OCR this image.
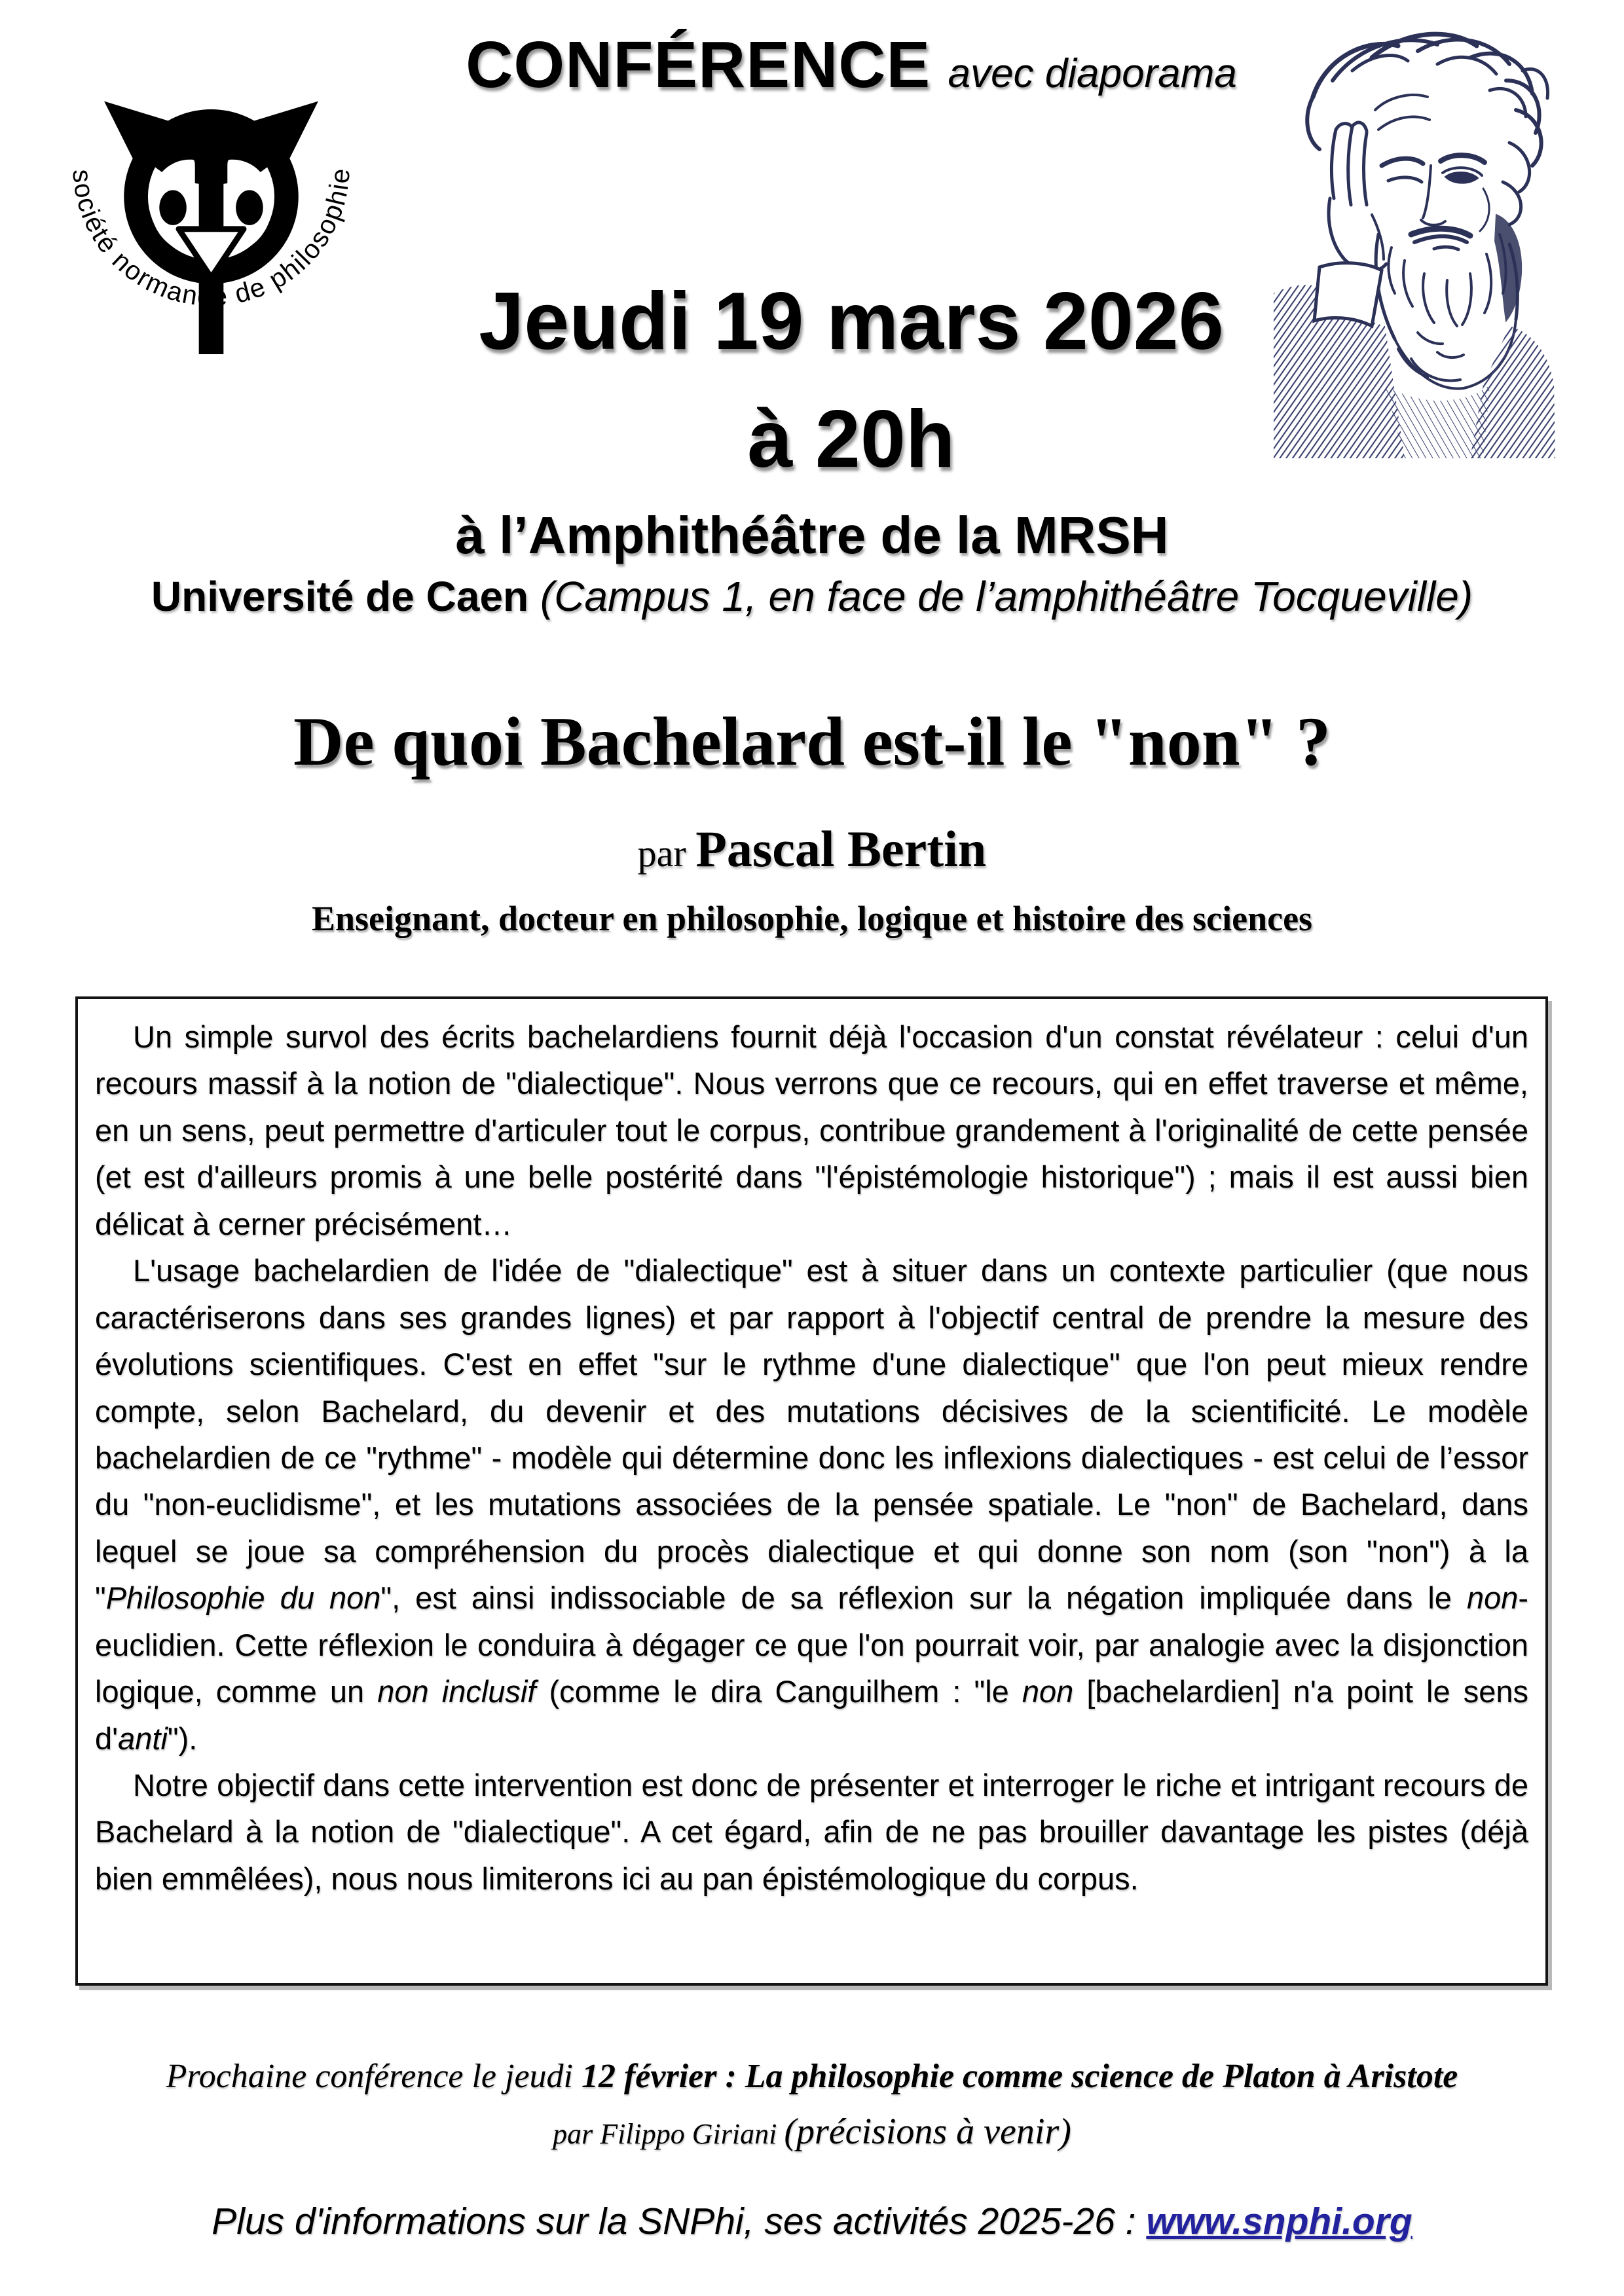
société normande de philosophie
CONFÉRENCE avec diaporama
Jeudi 19 mars 2026
à 20h
à l’Amphithéâtre de la MRSH
Université de Caen (Campus 1, en face de l’amphithéâtre Tocqueville)
De quoi Bachelard est-il le "non" ?
par Pascal Bertin
Enseignant, docteur en philosophie, logique et histoire des sciences

Un simple survol des écrits bachelardiens fournit déjà l'occasion d'un constat révélateur : celui d'un recours massif à la notion de "dialectique". Nous verrons que ce recours, qui en effet traverse et même, en un sens, peut permettre d'articuler tout le corpus, contribue grandement à l'originalité de cette pensée (et est d'ailleurs promis à une belle postérité dans "l'épistémologie historique") ; mais il est aussi bien délicat à cerner précisément…

L'usage bachelardien de l'idée de "dialectique" est à situer dans un contexte particulier (que nous caractériserons dans ses grandes lignes) et par rapport à l'objectif central de prendre la mesure des évolutions scientifiques. C'est en effet "sur le rythme d'une dialectique" que l'on peut mieux rendre compte, selon Bachelard, du devenir et des mutations décisives de la scientificité. Le modèle bachelardien de ce "rythme" - modèle qui détermine donc les inflexions dialectiques - est celui de l’essor du "non-euclidisme", et les mutations associées de la pensée spatiale. Le "non" de Bachelard, dans lequel se joue sa compréhension du procès dialectique et qui donne son nom (son "non") à la "Philosophie du non", est ainsi indissociable de sa réflexion sur la négation impliquée dans le non-euclidien. Cette réflexion le conduira à dégager ce que l'on pourrait voir, par analogie avec la disjonction logique, comme un non inclusif (comme le dira Canguilhem : "le non [bachelardien] n'a point le sens d'anti").

Notre objectif dans cette intervention est donc de présenter et interroger le riche et intrigant recours de Bachelard à la notion de "dialectique". A cet égard, afin de ne pas brouiller davantage les pistes (déjà bien emmêlées), nous nous limiterons ici au pan épistémologique du corpus.

Prochaine conférence le jeudi 12 février : La philosophie comme science de Platon à Aristote
par Filippo Giriani (précisions à venir)
Plus d'informations sur la SNPhi, ses activités 2025-26 : www.snphi.org
